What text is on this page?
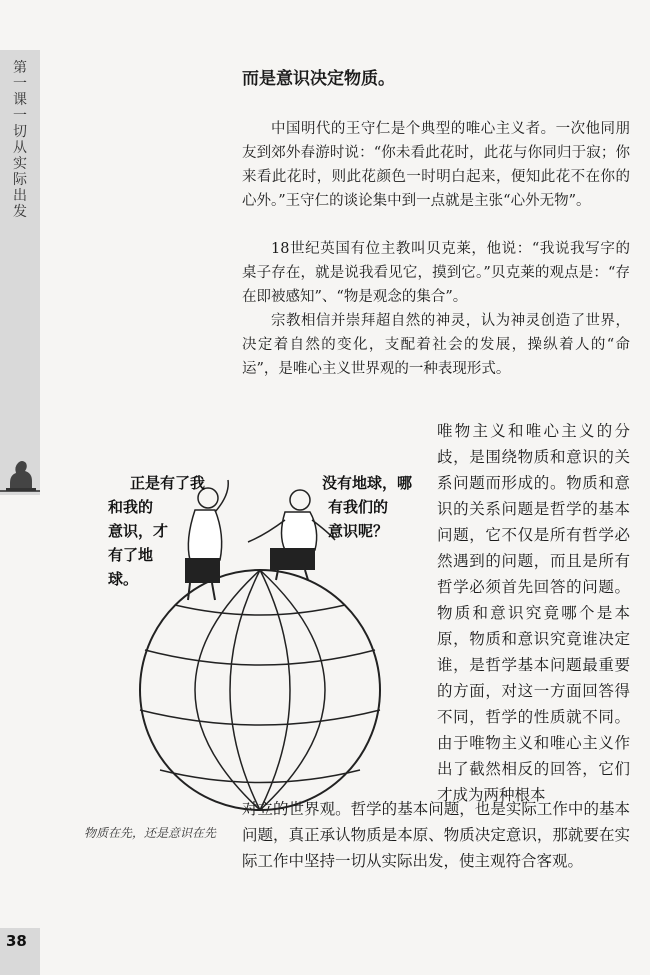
第一课 一切从实际出发
而是意识决定物质。

中国明代的王守仁是个典型的唯心主义者。一次他同朋友到郊外春游时说：“你未看此花时，此花与你同归于寂；你来看此花时，则此花颜色一时明白起来，便知此花不在你的心外。”王守仁的谈论集中到一点就是主张“心外无物”。

18世纪英国有位主教叫贝克莱，他说：“我说我写字的桌子存在，就是说我看见它，摸到它。”贝克莱的观点是：“存在即被感知”、“物是观念的集合”。

宗教相信并崇拜超自然的神灵，认为神灵创造了世界，决定着自然的变化，支配着社会的发展，操纵着人的“命运”，是唯心主义世界观的一种表现形式。

唯物主义和唯心主义的分歧，是围绕物质和意识的关系问题而形成的。物质和意识的关系问题是哲学的基本问题，它不仅是所有哲学必然遇到的问题，而且是所有哲学必须首先回答的问题。物质和意识究竟哪个是本原，物质和意识究竟谁决定谁，是哲学基本问题最重要的方面，对这一方面回答得不同，哲学的性质就不同。由于唯物主义和唯心主义作出了截然相反的回答，它们才成为两种根本
对立的世界观。哲学的基本问题，也是实际工作中的基本问题，真正承认物质是本原、物质决定意识，那就要在实际工作中坚持一切从实际出发，使主观符合客观。
正是有了我
和我的
意识，才
有了地
球。
没有地球，哪
有我们的
意识呢？
物质在先，还是意识在先
38
